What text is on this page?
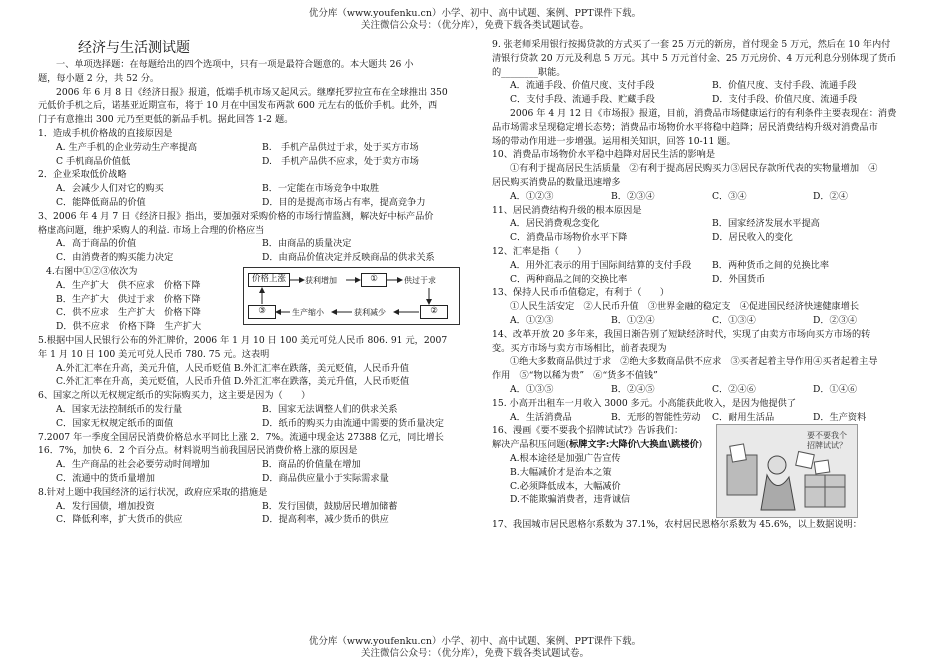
优分库（www.youfenku.cn）小学、初中、高中试题、案例、PPT课件下载。
关注微信公众号：（优分库），免费下载各类试题试卷。

经济与生活测试题

一、单项选择题：在每题给出的四个选项中，只有一项是最符合题意的。本大题共 26 小

题，每小题 2 分，共 52 分。

2006 年 6 月 8 日《经济日报》报道，低端手机市场又起风云。继摩托罗拉宣布在全球推出 350

元低价手机之后，诺基亚近期宣布，将于 10 月在中国发布两款 600 元左右的低价手机。此外，西

门子有意推出 300 元乃至更低的新品手机。据此回答 1-2 题。

1．造成手机价格战的直接原因是

A. 生产手机的企业劳动生产率提高	B.　手机产品供过于求，处于买方市场
C 手机商品价值低	D.　手机产品供不应求，处于卖方市场

2．企业采取低价战略

A．会减少人们对它的购买	B．一定能在市场竞争中取胜
C．能降低商品的价值	D．目的是提高市场占有率，提高竞争力

3、2006 年 4 月 7 日《经济日报》指出，要加强对采购价格的市场行情监测，解决好中标产品价

格虚高问题，维护采购人的利益. 市场上合理的价格应当

A．高于商品的价值	B．由商品的质量决定
C．由消费者的购买能力决定	D．由商品价值决定并反映商品的供求关系

4.右图中①②③依次为

A．生产扩大　供不应求　价格下降

B．生产扩大　供过于求　价格下降

C．供不应求　生产扩大　价格下降

D．供不应求　价格下降　生产扩大

价格上涨	获利增加	①	供过于求
③	生产缩小	获利减少	②

5.根据中国人民银行公布的外汇牌价，2006 年 1 月 10 日 100 美元可兑人民币 806. 91 元，2007

年 1 月 10 日 100 美元可兑人民币 780. 75 元。这表明

A.外汇汇率在升高，美元升值，人民币贬值 B.外汇汇率在跌落，美元贬值，人民币升值

C.外汇汇率在升高，美元贬值，人民币升值 D.外汇汇率在跌落，美元升值，人民币贬值

6、国家之所以无权规定纸币的实际购买力，这主要是因为（　　）

A．国家无法控制纸币的发行量	B．国家无法调整人们的供求关系
C．国家无权规定纸币的面值	D．纸币的购买力由流通中需要的货币量决定

7.2007 年一季度全国居民消费价格总水平同比上涨 2．7%。流通中现金达 27388 亿元，同比增长

16．7%，加快 6．2 个百分点。材料说明当前我国居民消费价格上涨的原因是

A．生产商品的社会必要劳动时间增加	B．商品的价值量在增加
C．流通中的货币量增加	D．商品供应量小于实际需求量

8.针对上题中我国经济的运行状况，政府应采取的措施是

A．发行国债，增加投资	B．发行国债，鼓励居民增加储蓄
C．降低利率，扩大货币的供应	D．提高利率，减少货币的供应

9. 张老师采用银行按揭贷款的方式买了一套 25 万元的新房，首付现金 5 万元，然后在 10 年内付

清银行贷款 20 万元及利息 5 万元。其中 5 万元首付金、25 万元房价、4 万元利息分别体现了货币

的________职能。

A．流通手段、价值尺度、支付手段	B．价值尺度、支付手段、流通手段
C．支付手段、流通手段、贮藏手段	D．支付手段、价值尺度、流通手段

2006 年 4 月 12 日《市场报》报道，目前，消费品市场健康运行的有利条件主要表现在：消费

品市场需求呈现稳定增长态势；消费品市场物价水平将稳中趋降；居民消费结构升级对消费品市

场的带动作用进一步增强。运用相关知识，回答 10-11 题。

10、消费品市场物价水平稳中趋降对居民生活的影响是

①有利于提高居民生活质量　②有利于提高居民购买力③居民存款所代表的实物量增加　④

居民购买消费品的数量迅速增多

A．①②③	B．②③④	C．③④	D．②④

11、居民消费结构升级的根本原因是

A．居民消费观念变化	B．国家经济发展水平提高
C．消费品市场物价水平下降	D．居民收入的变化

12、汇率是指（　　）

A．用外汇表示的用于国际间结算的支付手段	B．两种货币之间的兑换比率
C．两种商品之间的交换比率	D．外国货币

13、保持人民币币值稳定，有利于（　　）

①人民生活安定　②人民币升值　③世界金融的稳定支　④促进国民经济快速健康增长

A．①②③	B．①②④	C．①③④	D．②③④

14、改革开放 20 多年来，我国日渐告别了短缺经济时代，实现了由卖方市场向买方市场的转

变。买方市场与卖方市场相比，前者表现为

①绝大多数商品供过于求　②绝大多数商品供不应求　③买者起着主导作用④买者起着主导

作用　⑤“物以稀为贵”　⑥“货多不值钱”

A．①③⑤	B．②④⑤	C．②④⑥	D．①④⑥

15. 小高开出租车一月收入 3000 多元。小高能获此收入，是因为他提供了

A．生活消费品	B．无形的智能性劳动	C．耐用生活品	D．生产资料

16、漫画《要不要我个招牌试试?》告诉我们：

解决产品积压问题(标牌文字:大降价\大换血\跳楼价)

A.根本途径是加强广告宣传

B.大幅减价才是治本之策

C.必须降低成本，大幅减价

D.不能欺骗消费者，违背诚信

要不要我个
招牌试试？

17、我国城市居民恩格尔系数为 37.1%，农村居民恩格尔系数为 45.6%，以上数据说明：

优分库（www.youfenku.cn）小学、初中、高中试题、案例、PPT课件下载。
关注微信公众号：（优分库），免费下载各类试题试卷。
